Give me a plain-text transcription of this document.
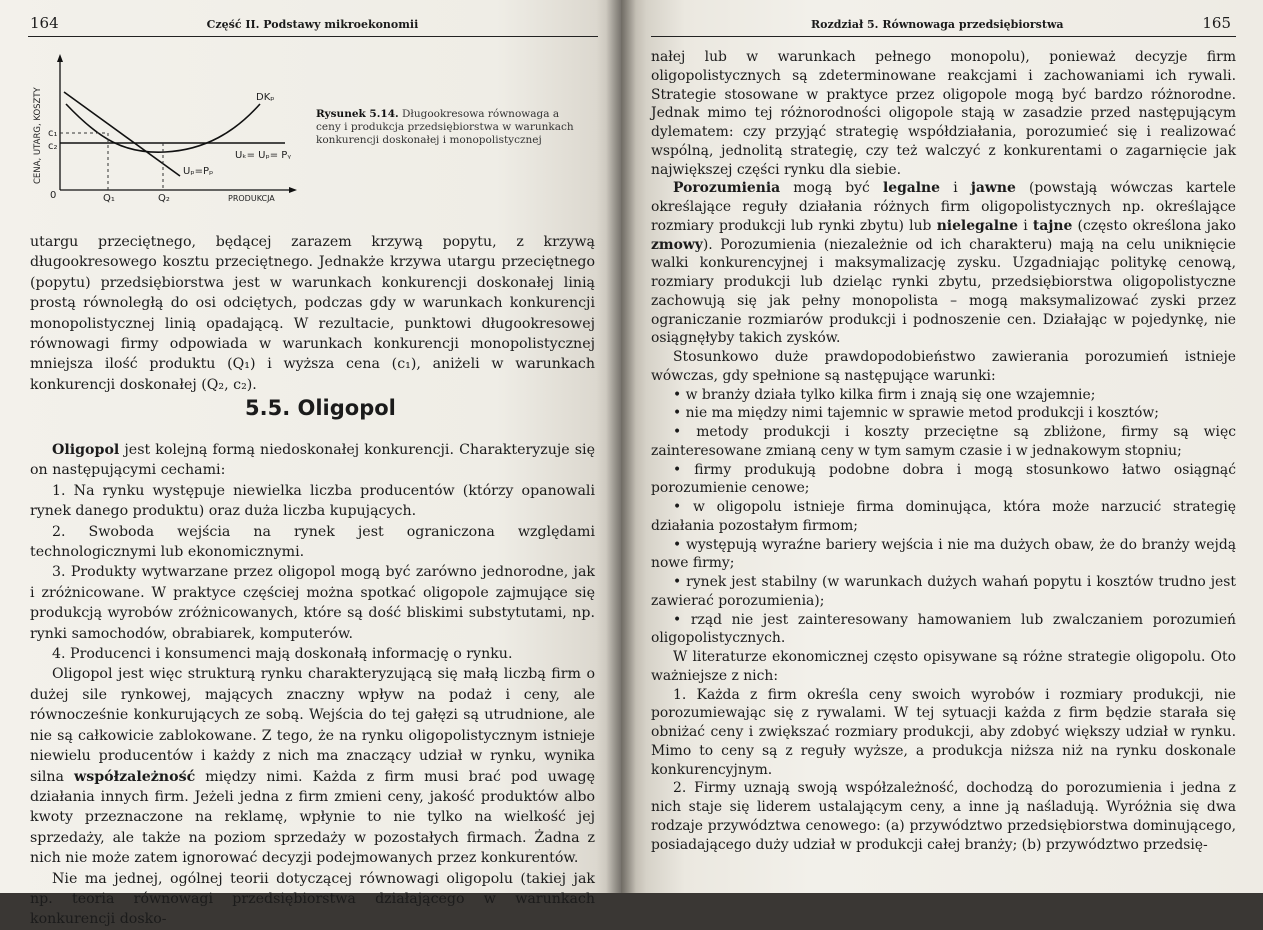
164	Część II. Podstawy mikroekonomii
CENA, UTARG, KOSZTY c₁
c₂
0	Q₁	Q₂
DKₚ
Uₚ=Pₚ
Uₖ= Uₚ= Pᵧ
PRODUKCJA
Rysunek 5.14. Długookresowa równowaga a ceny i produkcja przedsiębiorstwa w warunkach konkurencji doskonałej i monopolistycznej

utargu przeciętnego, będącej zarazem krzywą popytu, z krzywą długookresowego kosztu przeciętnego. Jednakże krzywa utargu przeciętnego (popytu) przedsiębiorstwa jest w warunkach konkurencji doskonałej linią prostą równoległą do osi odciętych, podczas gdy w warunkach konkurencji monopolistycznej linią opadającą. W rezultacie, punktowi długookresowej równowagi firmy odpowiada w warunkach konkurencji monopolistycznej mniejsza ilość produktu (Q₁) i wyższa cena (c₁), aniżeli w warunkach konkurencji doskonałej (Q₂, c₂).

5.5. Oligopol

Oligopol jest kolejną formą niedoskonałej konkurencji. Charakteryzuje się on następującymi cechami:

1. Na rynku występuje niewielka liczba producentów (którzy opanowali rynek danego produktu) oraz duża liczba kupujących.

2. Swoboda wejścia na rynek jest ograniczona względami technologicznymi lub ekonomicznymi.

3. Produkty wytwarzane przez oligopol mogą być zarówno jednorodne, jak i zróżnicowane. W praktyce częściej można spotkać oligopole zajmujące się produkcją wyrobów zróżnicowanych, które są dość bliskimi substytutami, np. rynki samochodów, obrabiarek, komputerów.

4. Producenci i konsumenci mają doskonałą informację o rynku.

Oligopol jest więc strukturą rynku charakteryzującą się małą liczbą firm o dużej sile rynkowej, mających znaczny wpływ na podaż i ceny, ale równocześnie konkurujących ze sobą. Wejścia do tej gałęzi są utrudnione, ale nie są całkowicie zablokowane. Z tego, że na rynku oligopolistycznym istnieje niewielu producentów i każdy z nich ma znaczący udział w rynku, wynika silna współzależność między nimi. Każda z firm musi brać pod uwagę działania innych firm. Jeżeli jedna z firm zmieni ceny, jakość produktów albo kwoty przeznaczone na reklamę, wpłynie to nie tylko na wielkość jej sprzedaży, ale także na poziom sprzedaży w pozostałych firmach. Żadna z nich nie może zatem ignorować decyzji podejmowanych przez konkurentów.

Nie ma jednej, ogólnej teorii dotyczącej równowagi oligopolu (takiej jak np. teoria równowagi przedsiębiorstwa działającego w warunkach konkurencji dosko-

Rozdział 5. Równowaga przedsiębiorstwa	165

nałej lub w warunkach pełnego monopolu), ponieważ decyzje firm oligopolistycznych są zdeterminowane reakcjami i zachowaniami ich rywali. Strategie stosowane w praktyce przez oligopole mogą być bardzo różnorodne. Jednak mimo tej różnorodności oligopole stają w zasadzie przed następującym dylematem: czy przyjąć strategię współdziałania, porozumieć się i realizować wspólną, jednolitą strategię, czy też walczyć z konkurentami o zagarnięcie jak największej części rynku dla siebie.

Porozumienia mogą być legalne i jawne (powstają wówczas kartele określające reguły działania różnych firm oligopolistycznych np. określające rozmiary produkcji lub rynki zbytu) lub nielegalne i tajne (często określona jako zmowy). Porozumienia (niezależnie od ich charakteru) mają na celu uniknięcie walki konkurencyjnej i maksymalizację zysku. Uzgadniając politykę cenową, rozmiary produkcji lub dzieląc rynki zbytu, przedsiębiorstwa oligopolistyczne zachowują się jak pełny monopolista – mogą maksymalizować zyski przez ograniczanie rozmiarów produkcji i podnoszenie cen. Działając w pojedynkę, nie osiągnęłyby takich zysków.

Stosunkowo duże prawdopodobieństwo zawierania porozumień istnieje wówczas, gdy spełnione są następujące warunki:

• w branży działa tylko kilka firm i znają się one wzajemnie;

• nie ma między nimi tajemnic w sprawie metod produkcji i kosztów;

• metody produkcji i koszty przeciętne są zbliżone, firmy są więc zainteresowane zmianą ceny w tym samym czasie i w jednakowym stopniu;

• firmy produkują podobne dobra i mogą stosunkowo łatwo osiągnąć porozumienie cenowe;

• w oligopolu istnieje firma dominująca, która może narzucić strategię działania pozostałym firmom;

• występują wyraźne bariery wejścia i nie ma dużych obaw, że do branży wejdą nowe firmy;

• rynek jest stabilny (w warunkach dużych wahań popytu i kosztów trudno jest zawierać porozumienia);

• rząd nie jest zainteresowany hamowaniem lub zwalczaniem porozumień oligopolistycznych.

W literaturze ekonomicznej często opisywane są różne strategie oligopolu. Oto ważniejsze z nich:

1. Każda z firm określa ceny swoich wyrobów i rozmiary produkcji, nie porozumiewając się z rywalami. W tej sytuacji każda z firm będzie starała się obniżać ceny i zwiększać rozmiary produkcji, aby zdobyć większy udział w rynku. Mimo to ceny są z reguły wyższe, a produkcja niższa niż na rynku doskonale konkurencyjnym.

2. Firmy uznają swoją współzależność, dochodzą do porozumienia i jedna z nich staje się liderem ustalającym ceny, a inne ją naśladują. Wyróżnia się dwa rodzaje przywództwa cenowego: (a) przywództwo przedsiębiorstwa dominującego, posiadającego duży udział w produkcji całej branży; (b) przywództwo przedsię-
